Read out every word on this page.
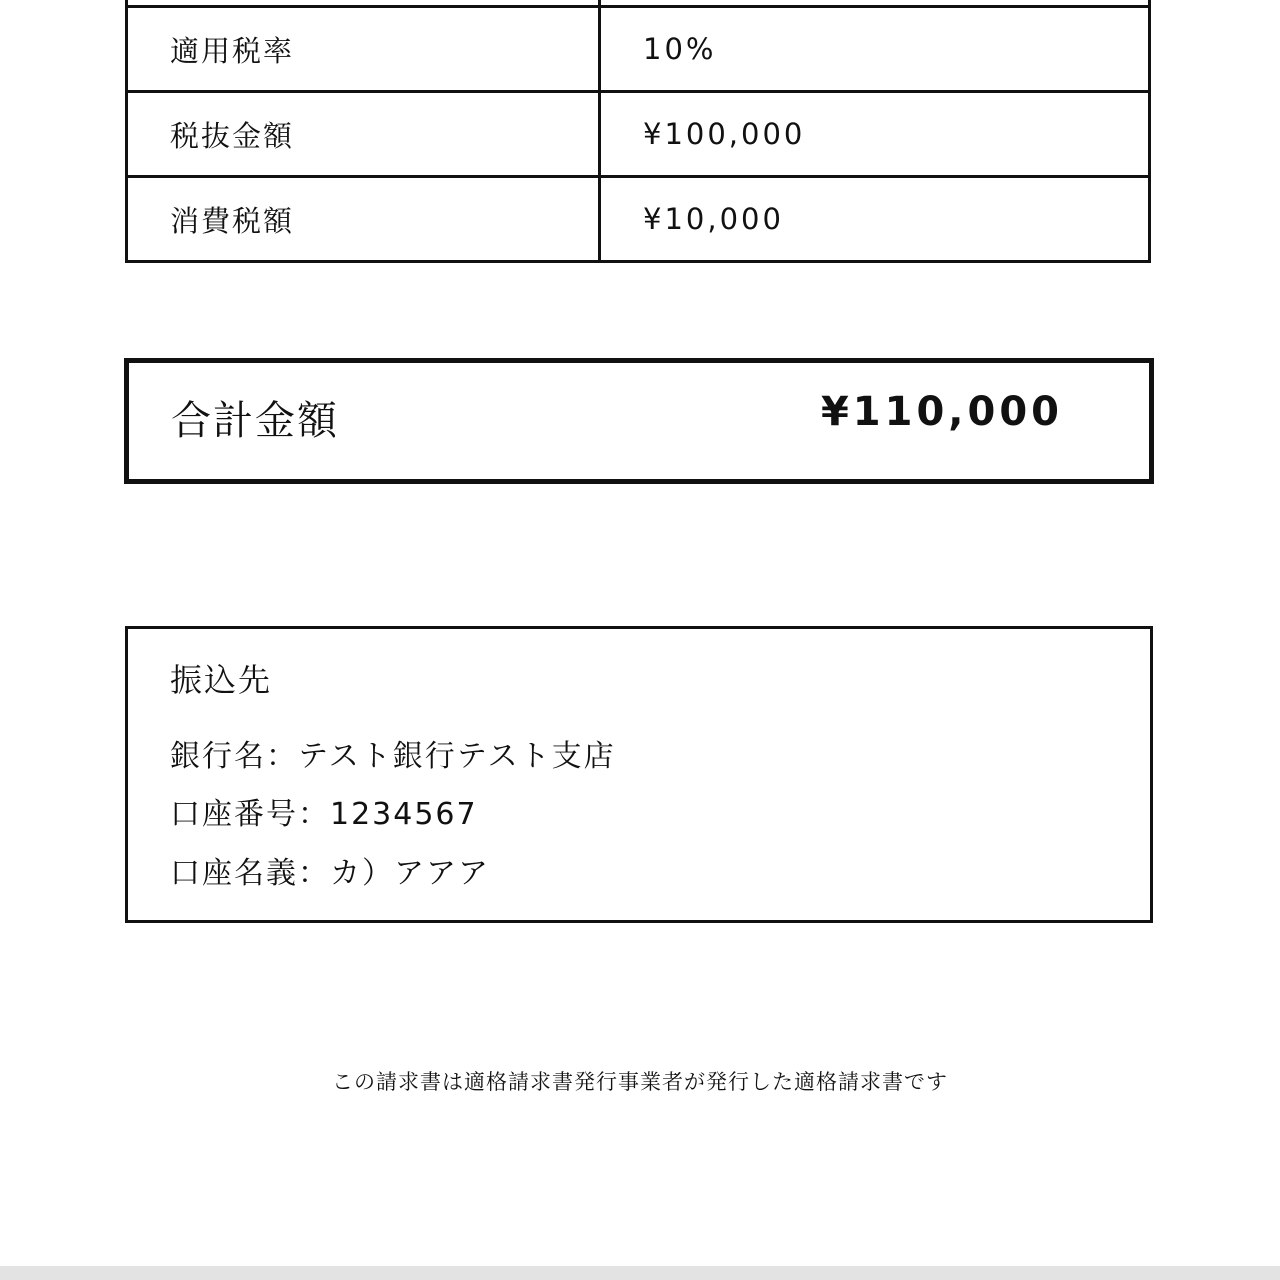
適用税率	10%
税抜金額	¥100,000
消費税額	¥10,000
合計金額	¥110,000
振込先
銀行名：テスト銀行テスト支店
口座番号：1234567
口座名義：カ）アアア
この請求書は適格請求書発行事業者が発行した適格請求書です
